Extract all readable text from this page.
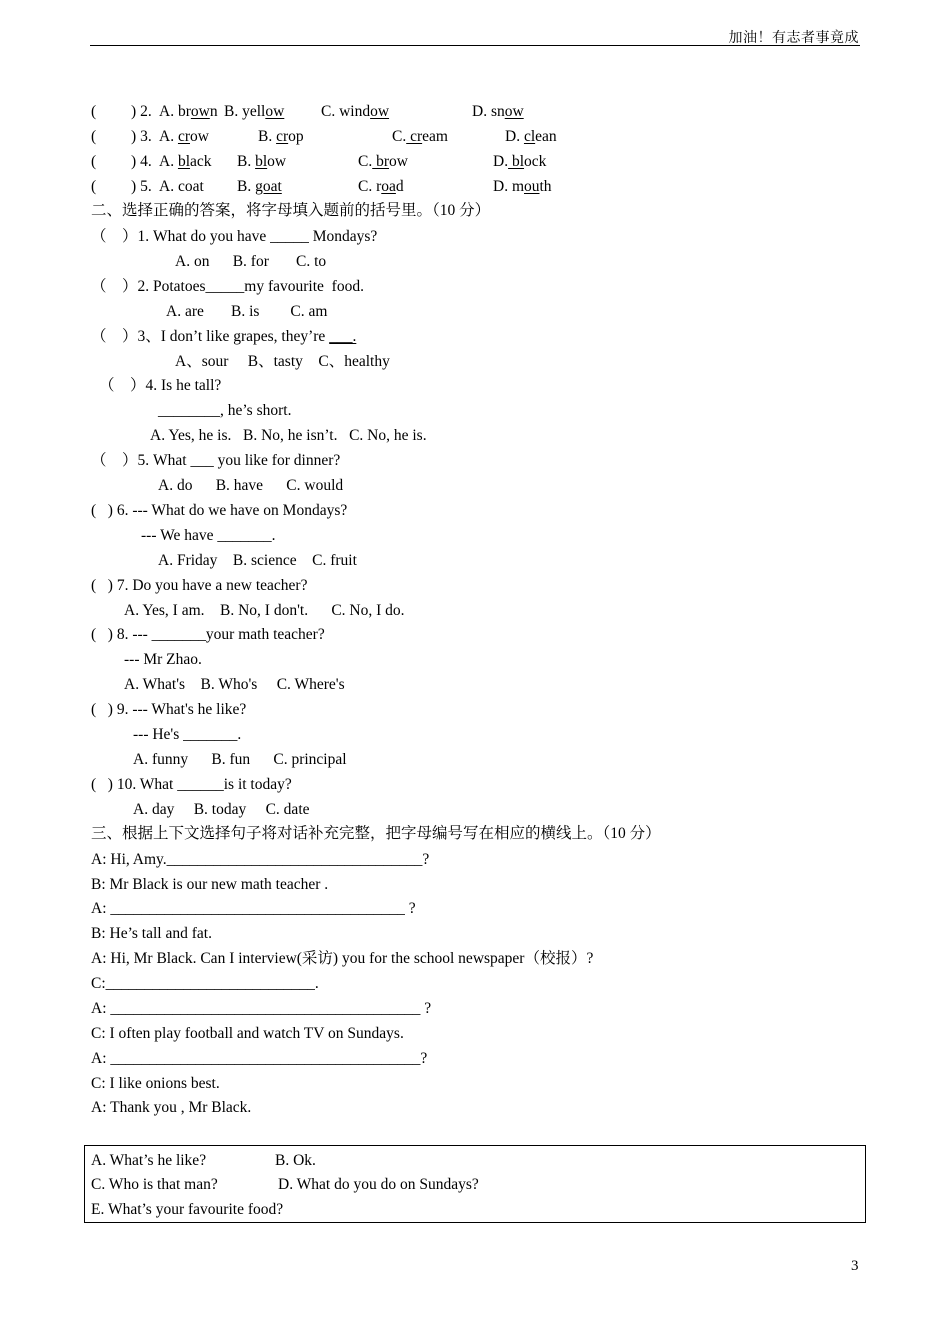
加油！有志者事竟成
(         ) 2. A. brown B. yellow C. window	D. snow
(         ) 3. A. crow	B. crop	C. cream	D. clean
(         ) 4. A. black B. blow	C. brow	D. block
(         ) 5. A. coat B. goat	C. road	D. mouth
二、选择正确的答案，将字母填入题前的括号里。（10 分）
（    ）1. What do you have _____ Mondays?
A. on      B. for       C. to
（    ）2. Potatoes_____my favourite  food.
A. are       B. is        C. am
（    ）3、I don’t like grapes, they’re ___.
A、sour     B、tasty    C、healthy
（    ）4. Is he tall?
________, he’s short.
A. Yes, he is.   B. No, he isn’t.   C. No, he is.
（    ）5. What ___ you like for dinner?
A. do      B. have      C. would
(   ) 6. --- What do we have on Mondays?
--- We have _______.
A. Friday    B. science    C. fruit
(   ) 7. Do you have a new teacher?
A. Yes, I am.    B. No, I don't.      C. No, I do.
(   ) 8. --- _______your math teacher?
--- Mr Zhao.
A. What's    B. Who's     C. Where's
(   ) 9. --- What's he like?
--- He's _______.
A. funny      B. fun      C. principal
(   ) 10. What ______is it today?
A. day     B. today     C. date
三、根据上下文选择句子将对话补充完整，把字母编号写在相应的横线上。（10 分）
A: Hi, Amy._________________________________?
B: Mr Black is our new math teacher .
A: ______________________________________ ?
B: He’s tall and fat.
A: Hi, Mr Black. Can I interview(采访) you for the school newspaper（校报）?
C:___________________________.
A: ________________________________________ ?
C: I often play football and watch TV on Sundays.
A: ________________________________________?
C: I like onions best.
A: Thank you , Mr Black.
A. What’s he like?	B. Ok.
C. Who is that man?	D. What do you do on Sundays?
E. What’s your favourite food?
3
